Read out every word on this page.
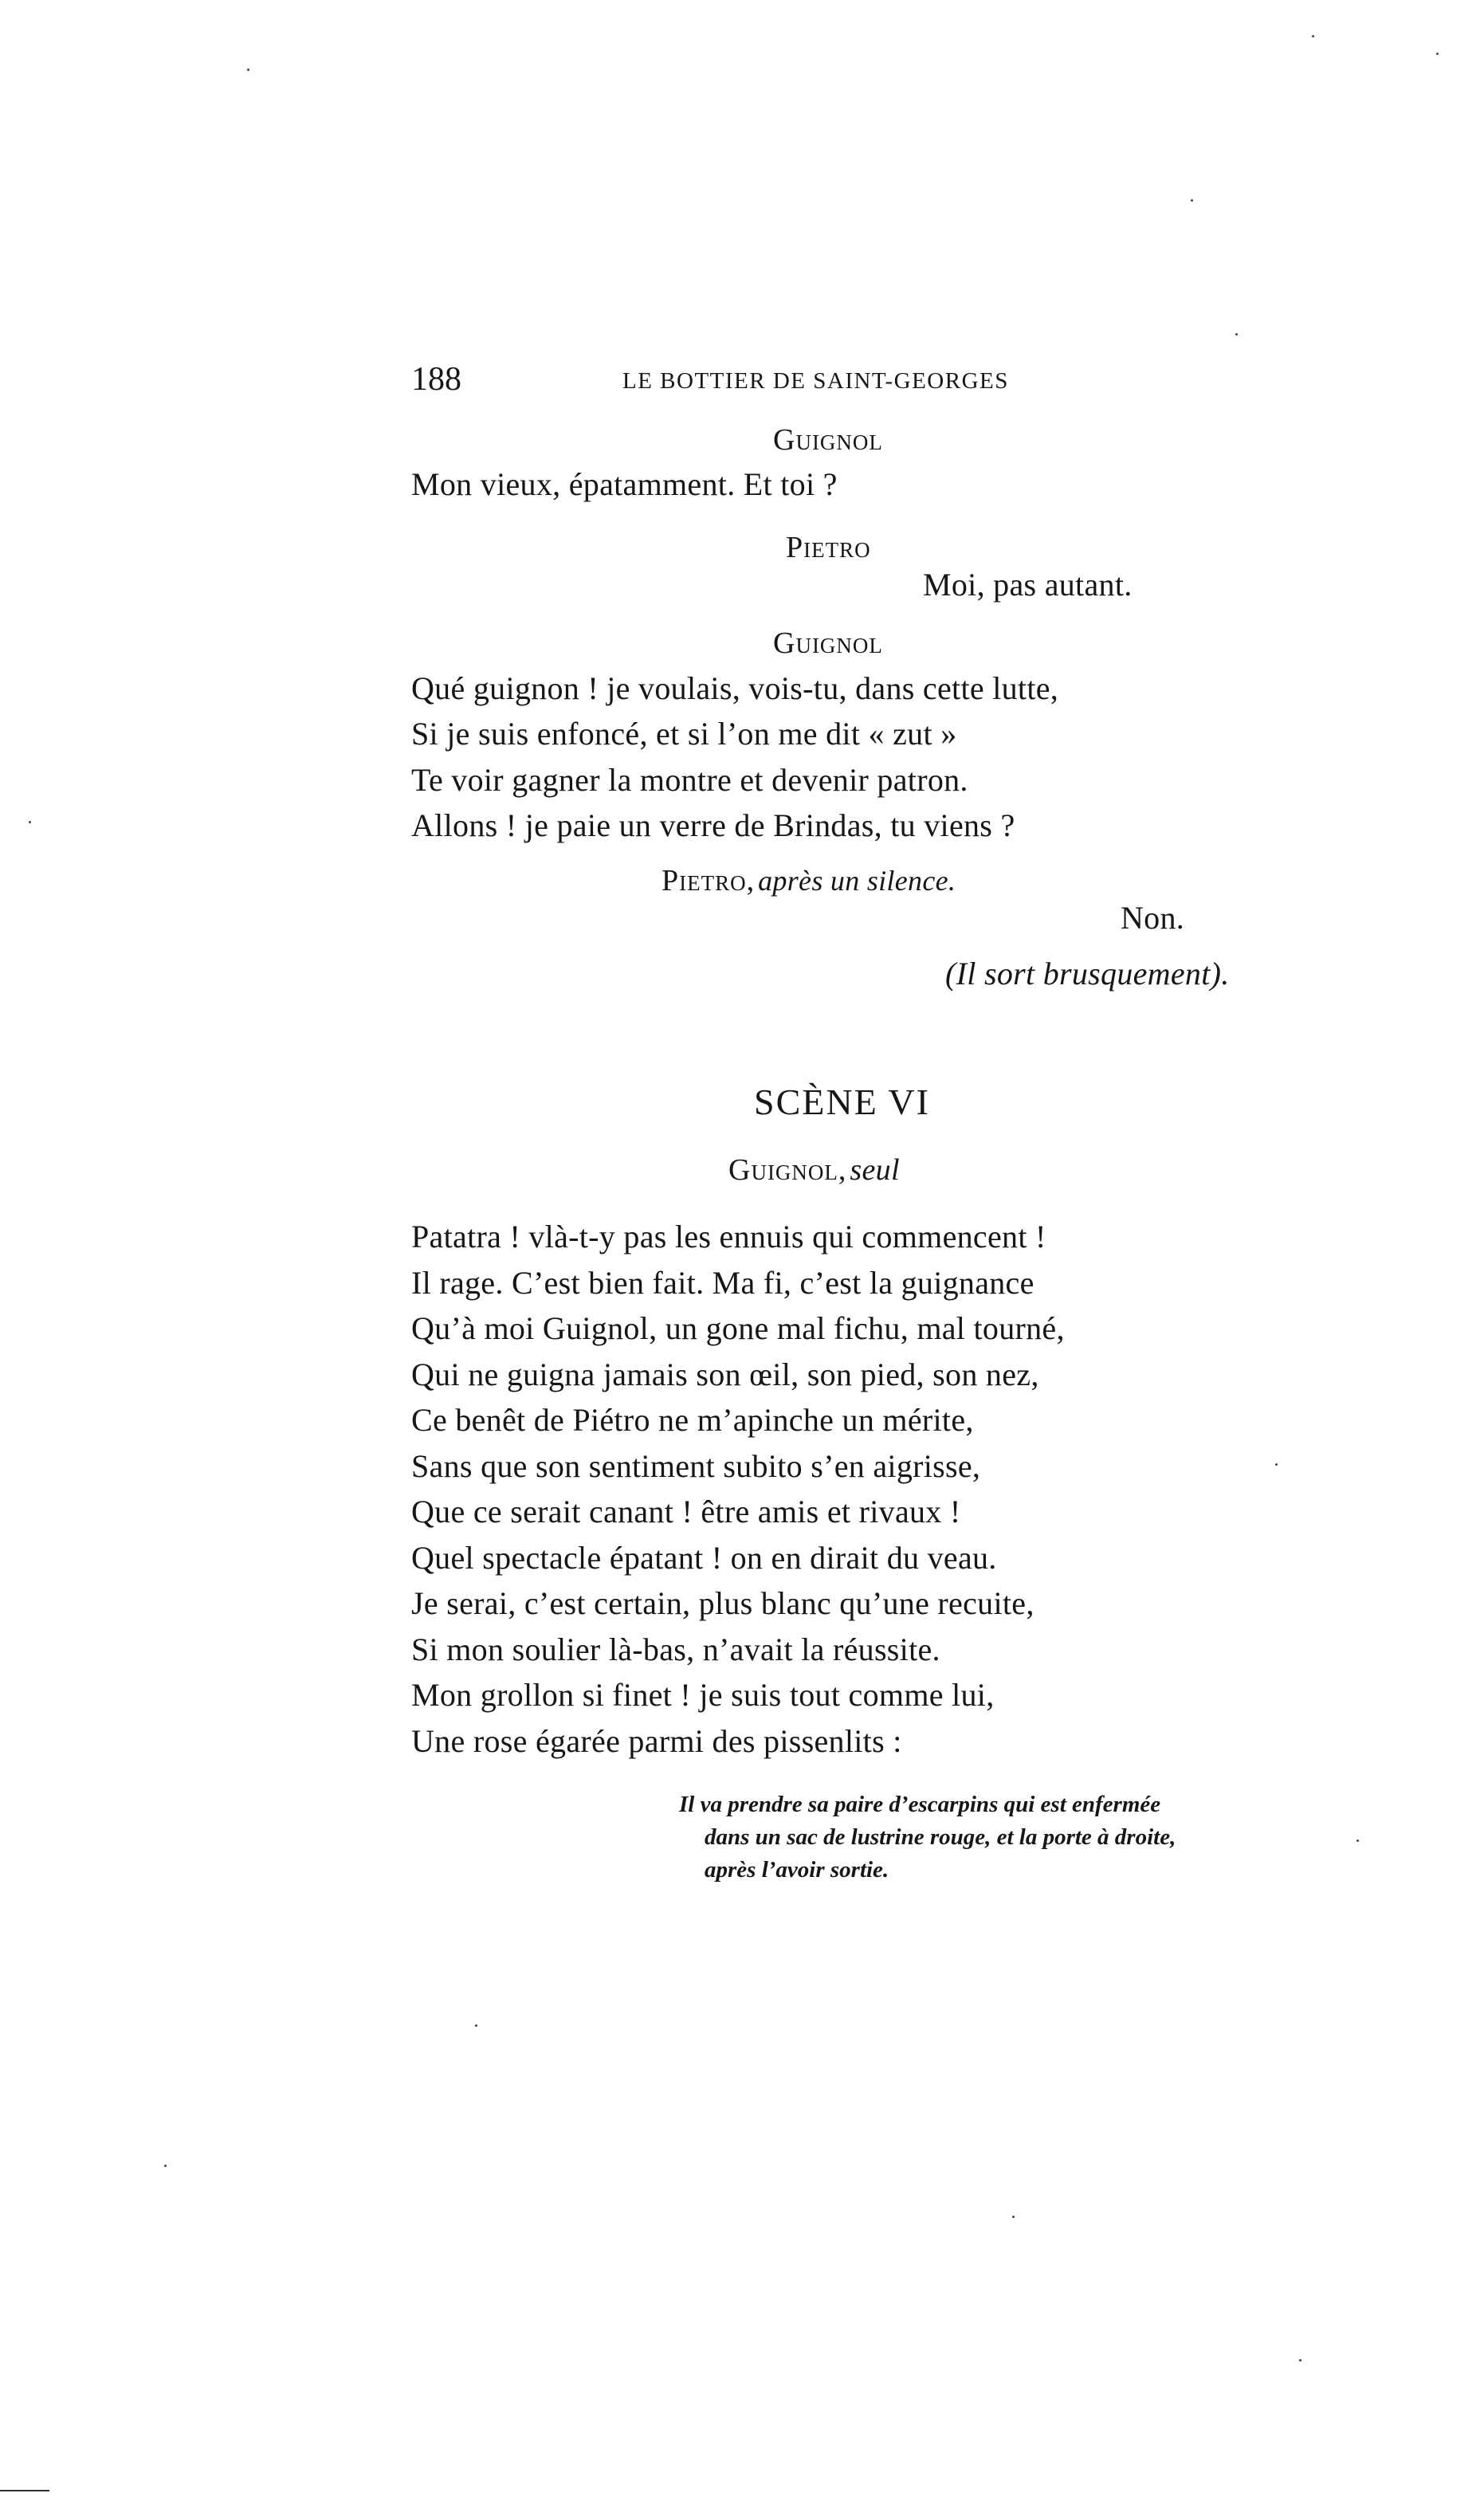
188	LE BOTTIER DE SAINT-GEORGES
Guignol
Mon vieux, épatamment. Et toi ?
Pietro
Moi, pas autant.
Guignol
Qué guignon ! je voulais, vois-tu, dans cette lutte,
Si je suis enfoncé, et si l’on me dit « zut »
Te voir gagner la montre et devenir patron.
Allons ! je paie un verre de Brindas, tu viens ?
Pietro, après un silence.
Non.
(Il sort brusquement).
SCÈNE VI
Guignol, seul
Patatra ! vlà-t-y pas les ennuis qui commencent !
Il rage. C’est bien fait. Ma fi, c’est la guignance
Qu’à moi Guignol, un gone mal fichu, mal tourné,
Qui ne guigna jamais son œil, son pied, son nez,
Ce benêt de Piétro ne m’apinche un mérite,
Sans que son sentiment subito s’en aigrisse,
Que ce serait canant ! être amis et rivaux !
Quel spectacle épatant ! on en dirait du veau.
Je serai, c’est certain, plus blanc qu’une recuite,
Si mon soulier là-bas, n’avait la réussite.
Mon grollon si finet ! je suis tout comme lui,
Une rose égarée parmi des pissenlits :
Il va prendre sa paire d’escarpins qui est enfermée
dans un sac de lustrine rouge, et la porte à droite,
après l’avoir sortie.
